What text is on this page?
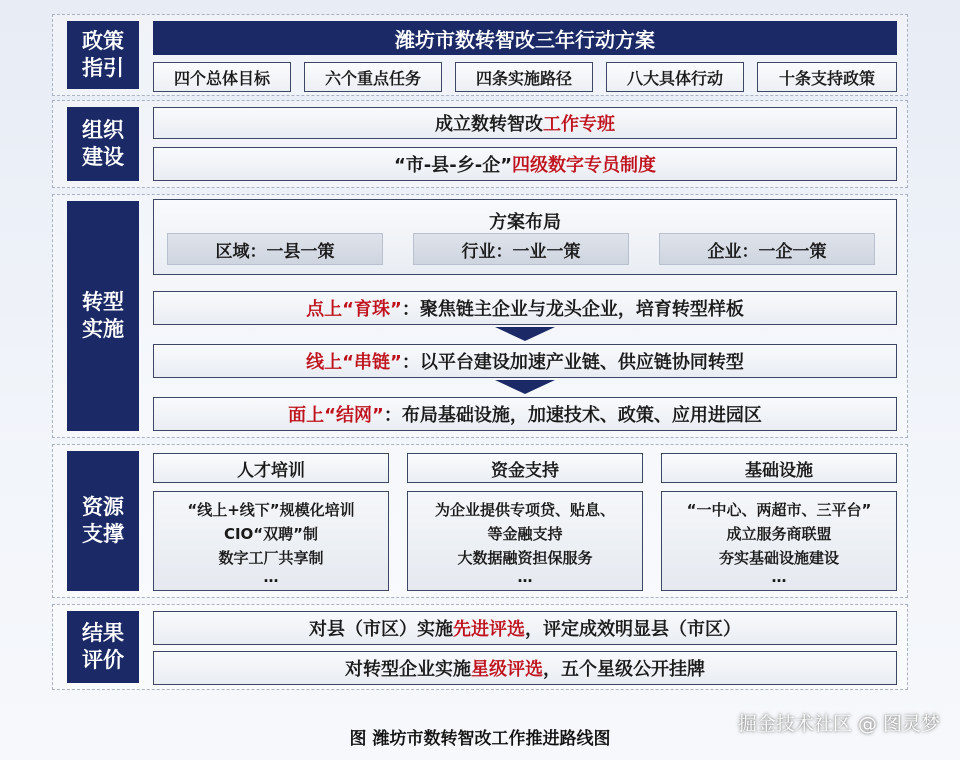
政策
指引
潍坊市数转智改三年行动方案
四个总体目标	六个重点任务	四条实施路径	八大具体行动	十条支持政策
组织
建设
成立数转智改 工作专班
“市-县-乡-企” 四级数字专员制度
转型
实施
方案布局
区域：一县一策	行业：一业一策	企业：一企一策
点上“育珠” ：聚焦链主企业与龙头企业，培育转型样板
线上“串链” ：以平台建设加速产业链、供应链协同转型
面上“结网” ：布局基础设施，加速技术、政策、应用进园区
资源
支撑
人才培训
“线上+线下”规模化培训
CIO“双聘”制
数字工厂共享制
…
资金支持
为企业提供专项贷、贴息、
等金融支持
大数据融资担保服务
…
基础设施
“一中心、两超市、三平台”
成立服务商联盟
夯实基础设施建设
…
结果
评价
对县（市区）实施 先进评选 ，评定成效明显县（市区）
对转型企业实施 星级评选 ，五个星级公开挂牌
掘金技术社区 @ 图灵梦
图 潍坊市数转智改工作推进路线图
